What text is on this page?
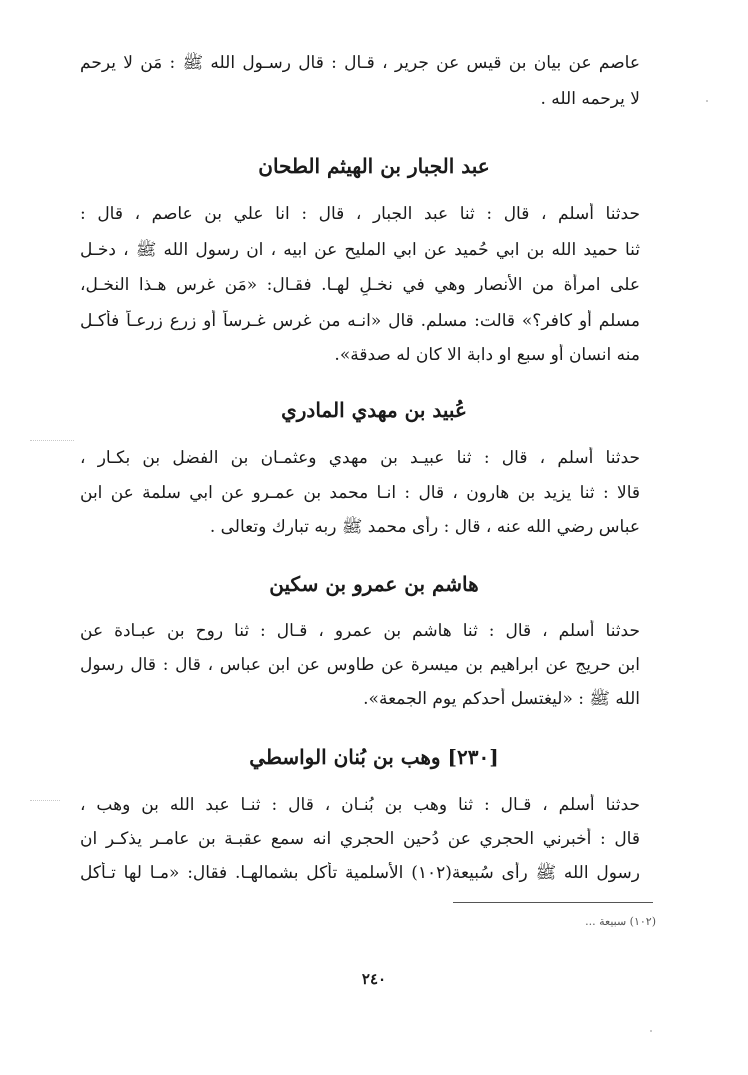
عاصم عن بيان بن قيس عن جرير ، قـال : قال رسـول الله ﷺ : مَن لا يرحم
لا يرحمه الله .
عبد الجبار بن الهيثم الطحان
حدثنا أسلم ، قال : ثنا عبد الجبار ، قال : انا علي بن عاصم ، قال :
ثنا حميد الله بن ابي حُميد عن ابي المليح عن ابيه ، ان رسول الله ﷺ ، دخـل
على امرأة من الأنصار وهي في نخـلٍ لهـا. فقـال: «مَن غرس هـذا النخـل،
مسلم أو كافر؟» قالت: مسلم. قال «انـه من غرس غـرساً أو زرع زرعـاً فأكـل
منه انسان أو سبع او دابة الا كان له صدقة».
عُبيد بن مهدي المادري
حدثنا أسلم ، قال : ثنا عبيـد بن مهدي وعثمـان بن الفضل بن بكـار ،
قالا : ثنا يزيد بن هارون ، قال : انـا محمد بن عمـرو عن ابي سلمة عن ابن
عباس رضي الله عنه ، قال : رأى محمد ﷺ ربه تبارك وتعالى .
هاشم بن عمرو بن سكين
حدثنا أسلم ، قال : ثنا هاشم بن عمرو ، قـال : ثنا روح بن عبـادة عن
ابن حريج عن ابراهيم بن ميسرة عن طاوس عن ابن عباس ، قال : قال رسول
الله ﷺ : «ليغتسل أحدكم يوم الجمعة».
[٢٣٠] وهب بن بُنان الواسطي
حدثنا أسلم ، قـال : ثنا وهب بن بُنـان ، قال : ثنـا عبد الله بن وهب ،
قال : أخبرني الحجري عن دُحين الحجري انه سمع عقبـة بن عامـر يذكـر ان
رسول الله ﷺ رأى سُبيعة(١٠٢) الأسلمية تأكل بشمالهـا. فقال: «مـا لها تـأكل
(١٠٢) سبيعة ...
٢٤٠
